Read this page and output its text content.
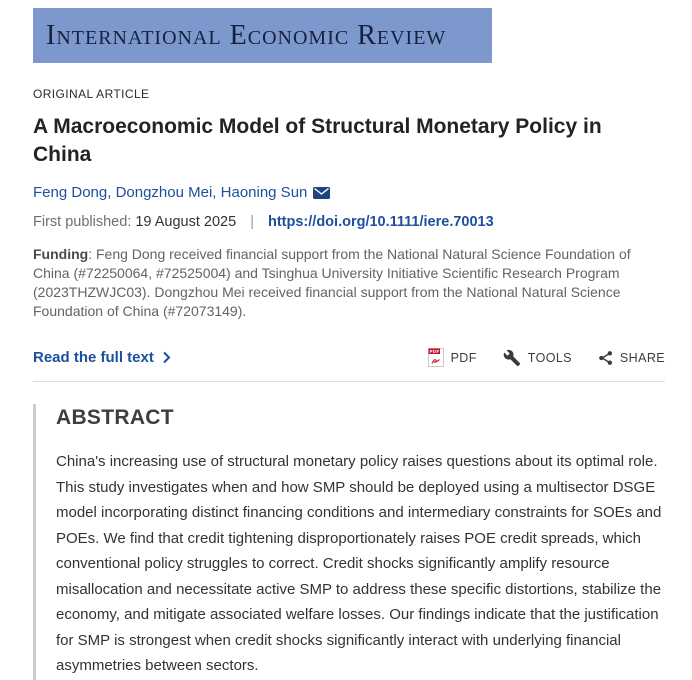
International Economic Review
ORIGINAL ARTICLE
A Macroeconomic Model of Structural Monetary Policy in
China
Feng Dong, Dongzhou Mei, Haoning Sun
First published: 19 August 2025 | https://doi.org/10.1111/iere.70013

Funding: Feng Dong received financial support from the National Natural Science Foundation of China (#72250064, #72525004) and Tsinghua University Initiative Scientific Research Program (2023THZWJC03). Dongzhou Mei received financial support from the National Natural Science Foundation of China (#72073149).

Read the full text	PDF PDF	TOOLS	SHARE
ABSTRACT

China's increasing use of structural monetary policy raises questions about its optimal role. This study investigates when and how SMP should be deployed using a multisector DSGE model incorporating distinct financing conditions and intermediary constraints for SOEs and POEs. We find that credit tightening disproportionately raises POE credit spreads, which conventional policy struggles to correct. Credit shocks significantly amplify resource misallocation and necessitate active SMP to address these specific distortions, stabilize the economy, and mitigate associated welfare losses. Our findings indicate that the justification for SMP is strongest when credit shocks significantly interact with underlying financial asymmetries between sectors.
